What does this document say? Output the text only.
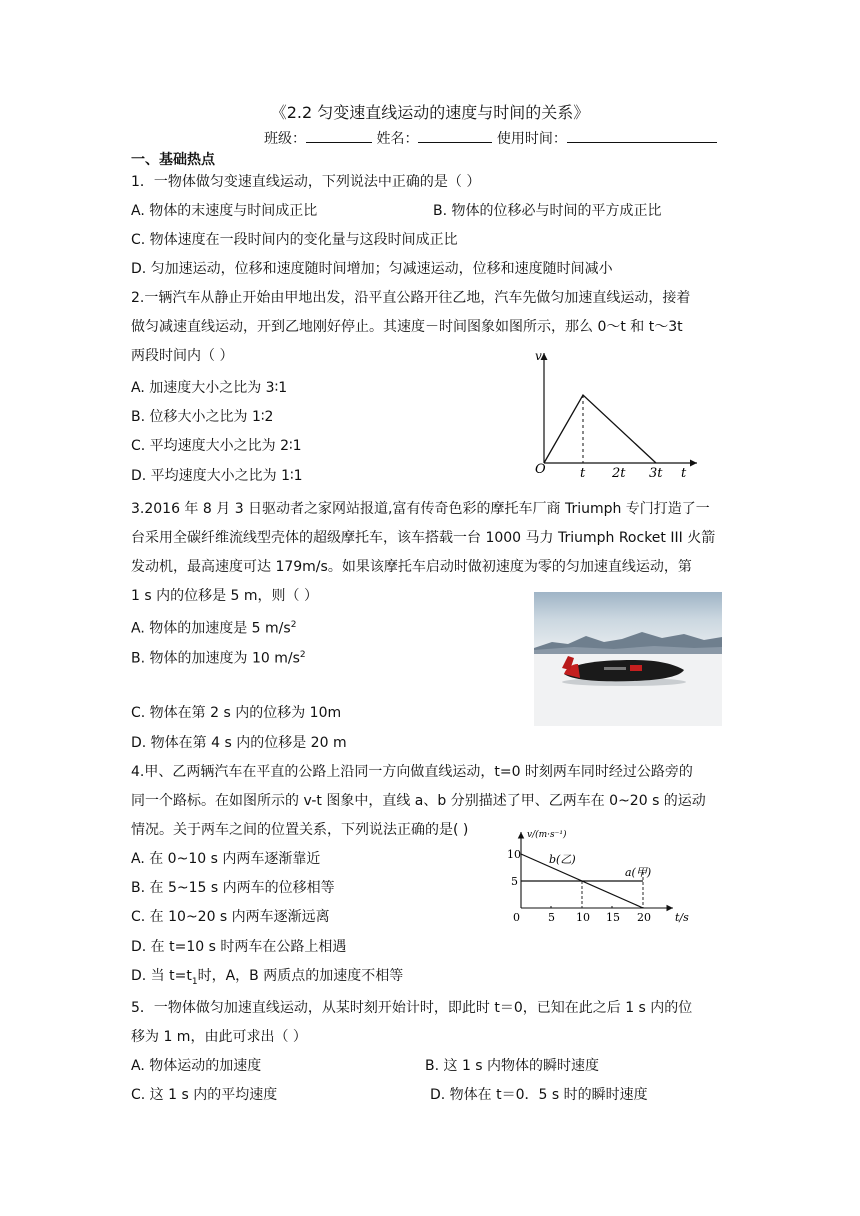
《2.2 匀变速直线运动的速度与时间的关系》
班级：	姓名：	使用时间：
一、基础热点
1．一物体做匀变速直线运动，下列说法中正确的是（ ）
A. 物体的末速度与时间成正比	B. 物体的位移必与时间的平方成正比
C. 物体速度在一段时间内的变化量与这段时间成正比
D. 匀加速运动，位移和速度随时间增加；匀减速运动，位移和速度随时间减小
2.一辆汽车从静止开始由甲地出发，沿平直公路开往乙地，汽车先做匀加速直线运动，接着
做匀减速直线运动，开到乙地刚好停止。其速度－时间图象如图所示，那么 0～t 和 t～3t
两段时间内（ ）
A. 加速度大小之比为 3∶1
B. 位移大小之比为 1∶2
C. 平均速度大小之比为 2∶1
D. 平均速度大小之比为 1∶1
v
O	t 2t 3t t
3.2016 年 8 月 3 日驱动者之家网站报道,富有传奇色彩的摩托车厂商 Triumph 专门打造了一
台采用全碳纤维流线型壳体的超级摩托车，该车搭载一台 1000 马力 Triumph Rocket III 火箭
发动机，最高速度可达 179m/s。如果该摩托车启动时做初速度为零的匀加速直线运动，第
1 s 内的位移是 5 m，则（ ）
A. 物体的加速度是 5 $m/s^2$
B. 物体的加速度为 10 $m/s^2$
C. 物体在第 2 s 内的位移为 10m
D. 物体在第 4 s 内的位移是 20 m
4.甲、乙两辆汽车在平直的公路上沿同一方向做直线运动，t=0 时刻两车同时经过公路旁的
同一个路标。在如图所示的 v-t 图象中，直线 a、b 分别描述了甲、乙两车在 0~20 s 的运动
情况。关于两车之间的位置关系，下列说法正确的是( )
A. 在 0~10 s 内两车逐渐靠近
B. 在 5~15 s 内两车的位移相等
C. 在 10~20 s 内两车逐渐远离
D. 在 t=10 s 时两车在公路上相遇
D. 当 $t=t_1$时，A，B 两质点的加速度不相等
v/(m·s⁻¹)
10
5
0	5 10 15 20 t/s
b(乙)
a(甲)
5．一物体做匀加速直线运动，从某时刻开始计时，即此时 t＝0，已知在此之后 1 s 内的位
移为 1 m，由此可求出（ ）
A. 物体运动的加速度	B. 这 1 s 内物体的瞬时速度
C. 这 1 s 内的平均速度	D. 物体在 t＝0．5 s 时的瞬时速度
